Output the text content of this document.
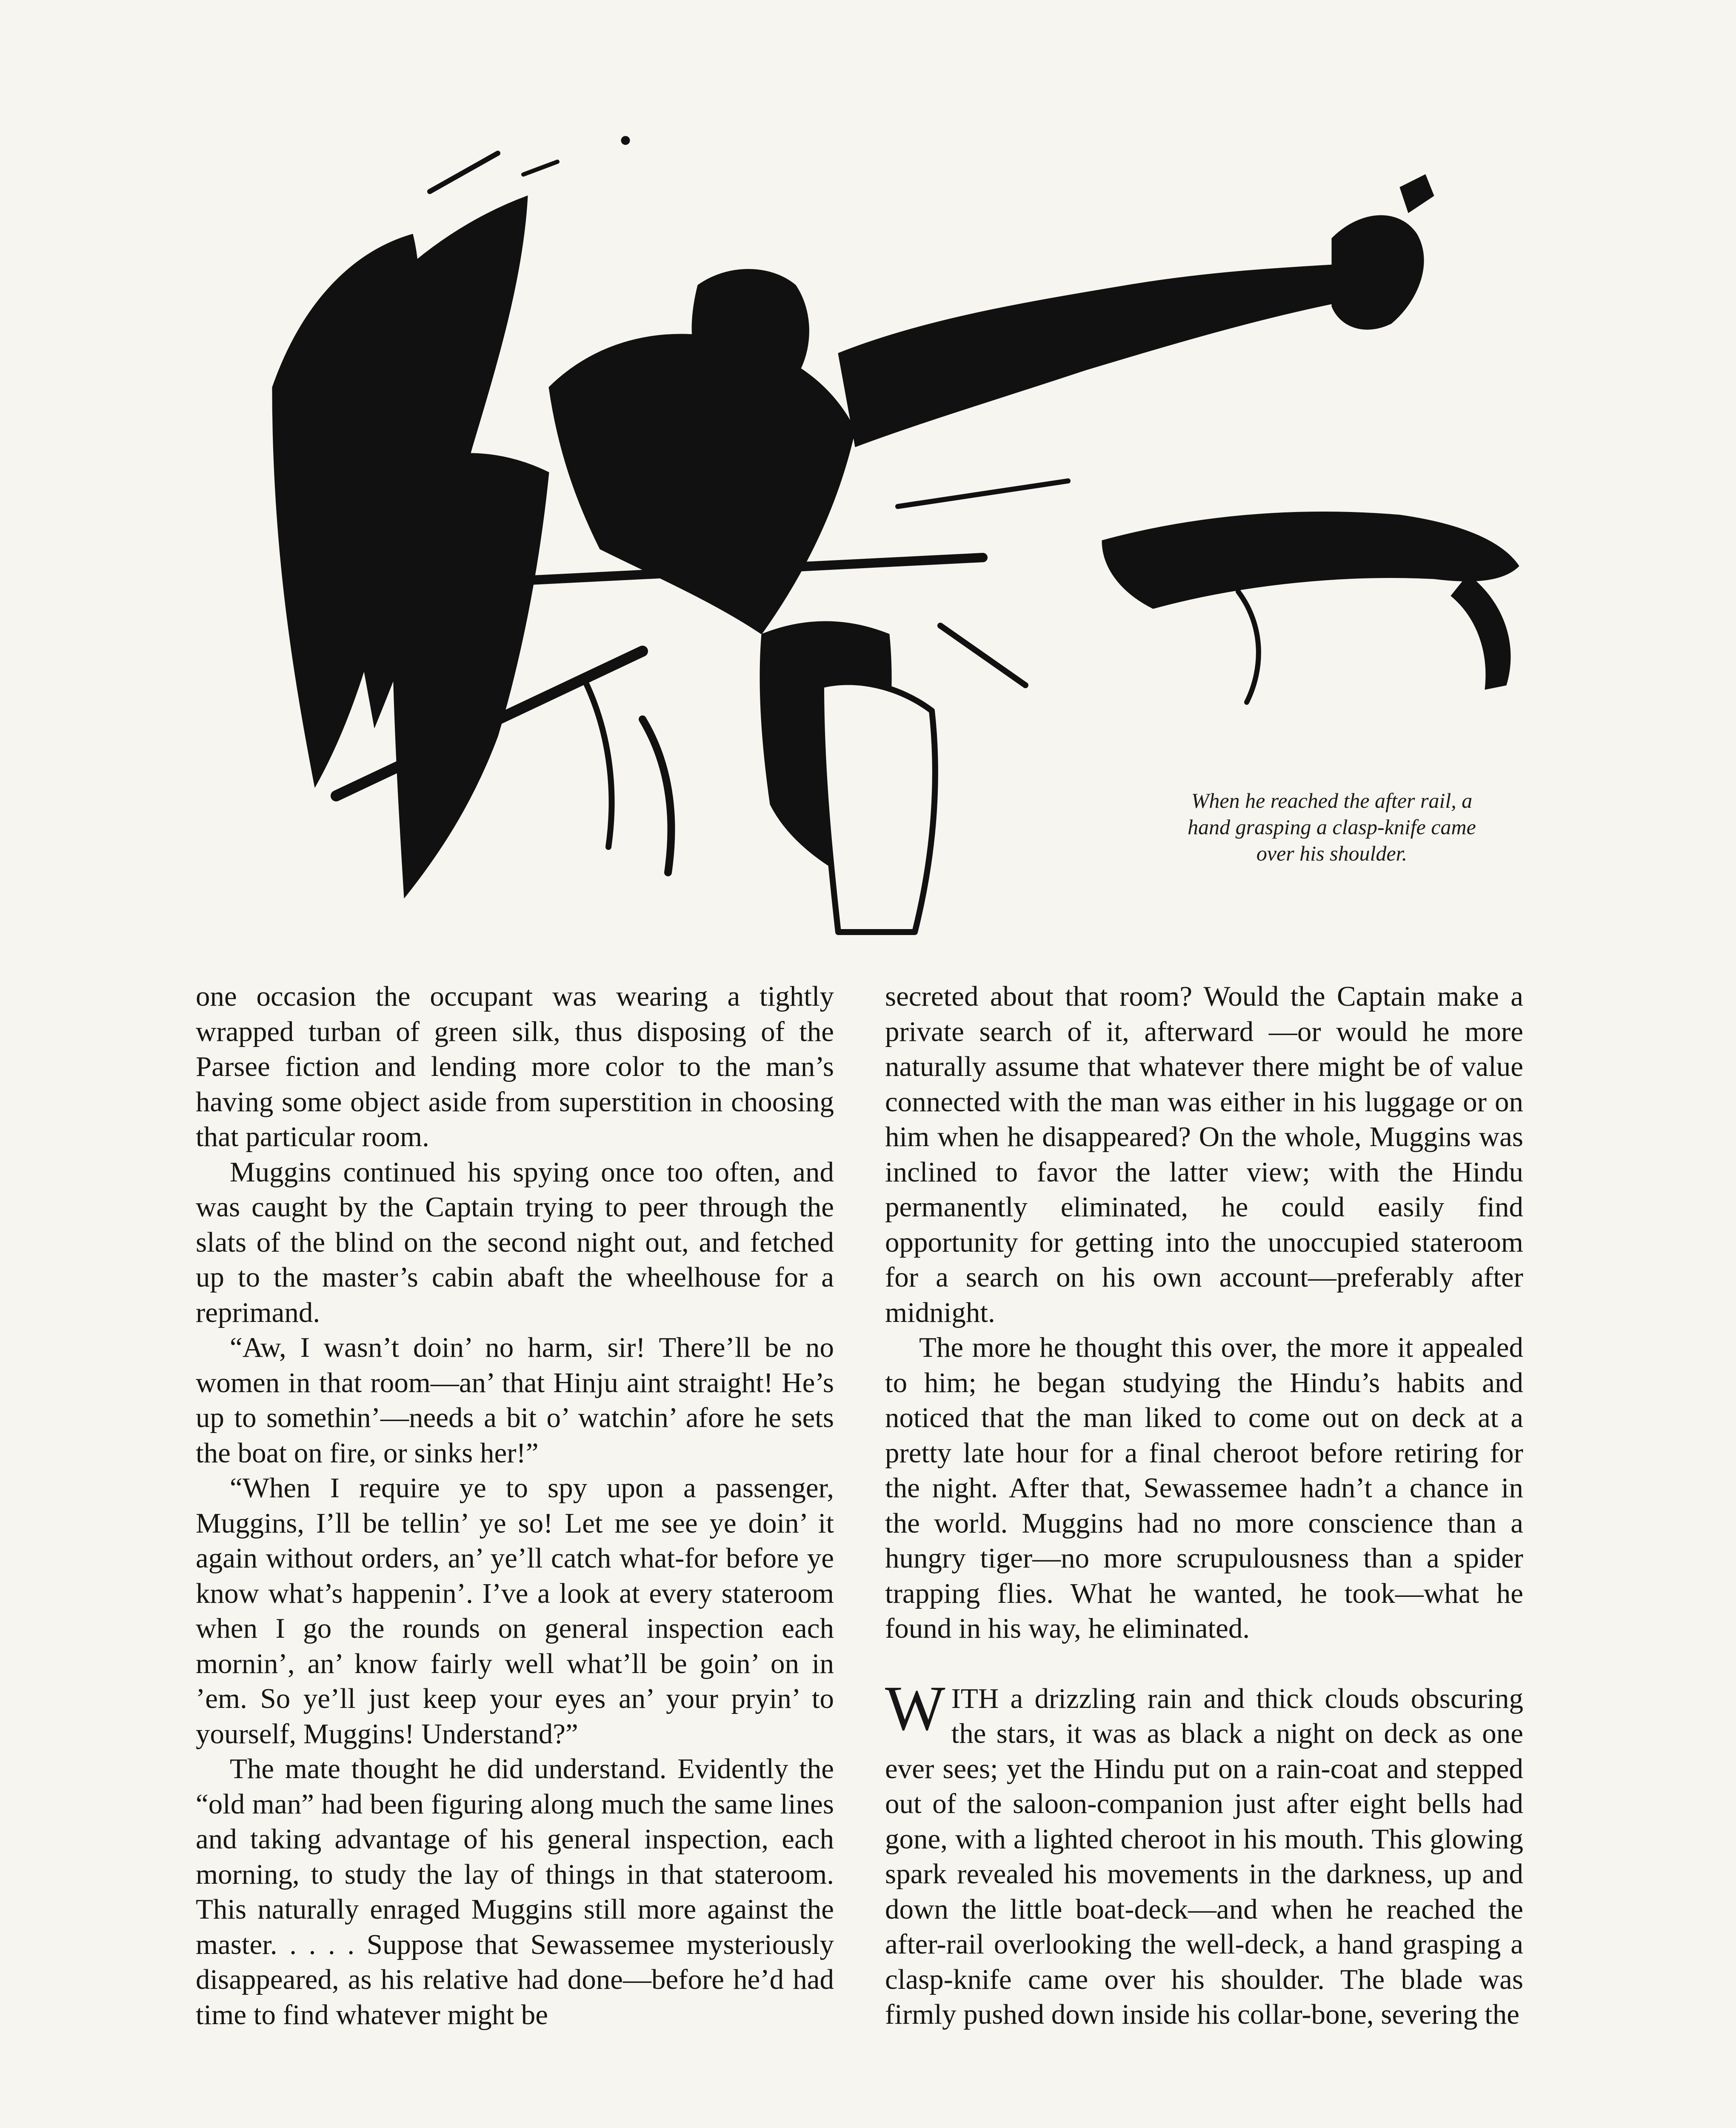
CHATAYSHN
When he reached the after rail, a hand grasping a clasp-knife came over his shoulder.

one occasion the occupant was wearing a tightly wrapped turban of green silk, thus disposing of the Parsee fiction and lending more color to the man’s having some object aside from superstition in choosing that particular room.

Muggins continued his spying once too often, and was caught by the Captain trying to peer through the slats of the blind on the second night out, and fetched up to the master’s cabin abaft the wheelhouse for a reprimand.

“Aw, I wasn’t doin’ no harm, sir! There’ll be no women in that room—an’ that Hinju aint straight! He’s up to somethin’—needs a bit o’ watchin’ afore he sets the boat on fire, or sinks her!”

“When I require ye to spy upon a passenger, Muggins, I’ll be tellin’ ye so! Let me see ye doin’ it again without orders, an’ ye’ll catch what-for before ye know what’s happenin’. I’ve a look at every stateroom when I go the rounds on general inspection each mornin’, an’ know fairly well what’ll be goin’ on in ’em. So ye’ll just keep your eyes an’ your pryin’ to yourself, Muggins! Understand?”

The mate thought he did understand. Evidently the “old man” had been figuring along much the same lines and taking advantage of his general inspection, each morning, to study the lay of things in that stateroom. This naturally enraged Muggins still more against the master. . . . . Suppose that Sewassemee mysteriously disappeared, as his relative had done—before he’d had time to find whatever might be

secreted about that room? Would the Captain make a private search of it, afterward —or would he more naturally assume that whatever there might be of value connected with the man was either in his luggage or on him when he disappeared? On the whole, Muggins was inclined to favor the latter view; with the Hindu permanently eliminated, he could easily find opportunity for getting into the unoccupied stateroom for a search on his own account—preferably after midnight.

The more he thought this over, the more it appealed to him; he began studying the Hindu’s habits and noticed that the man liked to come out on deck at a pretty late hour for a final cheroot before retiring for the night. After that, Sewassemee hadn’t a chance in the world. Muggins had no more conscience than a hungry tiger—no more scrupulousness than a spider trapping flies. What he wanted, he took—what he found in his way, he eliminated.

WITH a drizzling rain and thick clouds obscuring the stars, it was as black a night on deck as one ever sees; yet the Hindu put on a rain-coat and stepped out of the saloon-companion just after eight bells had gone, with a lighted cheroot in his mouth. This glowing spark revealed his movements in the darkness, up and down the little boat-deck—and when he reached the after-rail overlooking the well-deck, a hand grasping a clasp-knife came over his shoulder. The blade was firmly pushed down inside his collar-bone, severing the
